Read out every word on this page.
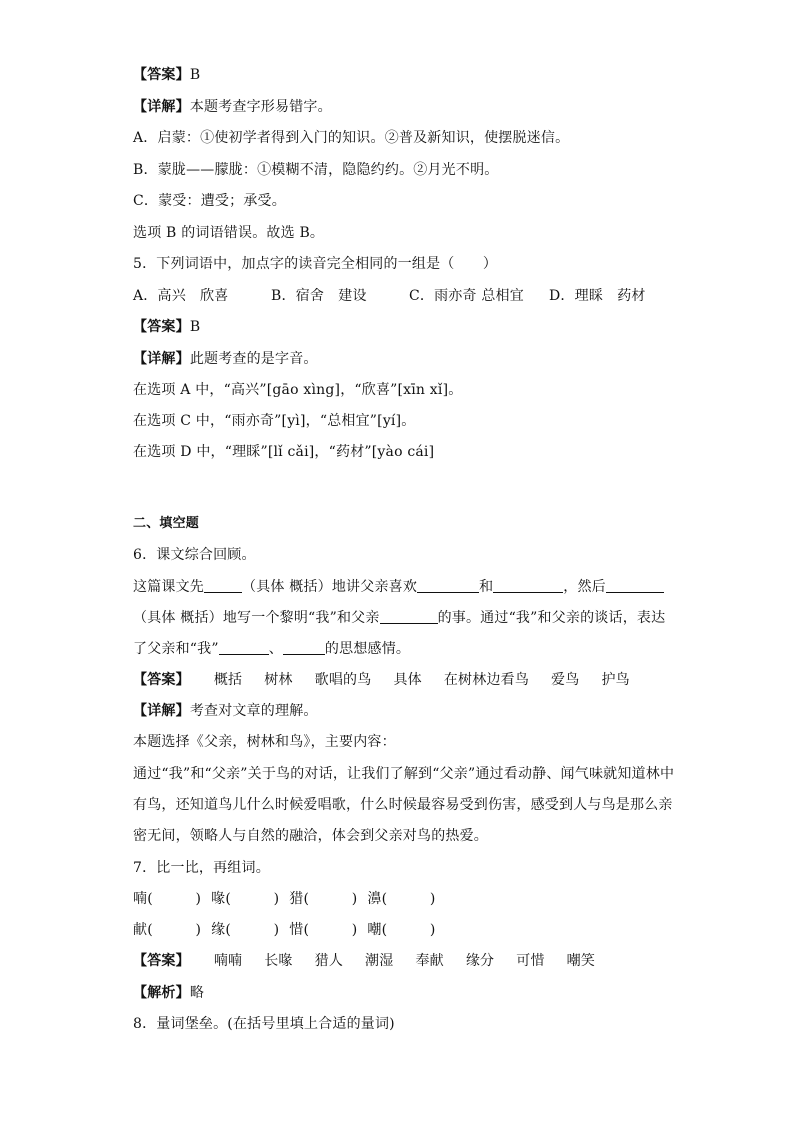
【答案】B
【详解】本题考查字形易错字。
A．启蒙：①使初学者得到入门的知识。②普及新知识，使摆脱迷信。
B．蒙胧——朦胧：①模糊不清，隐隐约约。②月光不明。
C．蒙受：遭受；承受。
选项 B 的词语错误。故选 B。
5．下列词语中，加点字的读音完全相同的一组是（　　）
A．高兴　欣喜	B．宿舍　建设	C．雨亦奇 总相宜 D．理睬　药材
【答案】B
【详解】此题考查的是字音。
在选项 A 中，“高兴”[gāo xìng]，“欣喜”[xīn xǐ]。
在选项 C 中，“雨亦奇”[yì]，“总相宜”[yí]。
在选项 D 中，“理睬”[lǐ cǎi]，“药材”[yào cái]
二、填空题
6．课文综合回顾。
这篇课文先	（具体 概括）地讲父亲喜欢	和	，然后
（具体 概括）地写一个黎明“我”和父亲	的事。通过“我”和父亲的谈话，表达
了父亲和“我”	、	的思想感情。
【答案】 概括 树林 歌唱的鸟 具体 在树林边看鸟 爱鸟 护鸟
【详解】考查对文章的理解。
本题选择《父亲，树林和鸟》，主要内容：
通过“我”和“父亲”关于鸟的对话，让我们了解到“父亲”通过看动静、闻气味就知道林中
有鸟，还知道鸟儿什么时候爱唱歌，什么时候最容易受到伤害，感受到人与鸟是那么亲
密无间，领略人与自然的融洽，体会到父亲对鸟的热爱。
7．比一比，再组词。
喃(　　　) 喙(　　　) 猎(　　　) 濞(　　　)
献(　　　) 缘(　　　) 惜(　　　) 嘲(　　　)
【答案】 喃喃 长喙 猎人 潮湿 奉献 缘分 可惜 嘲笑
【解析】略
8．量词堡垒。(在括号里填上合适的量词)
